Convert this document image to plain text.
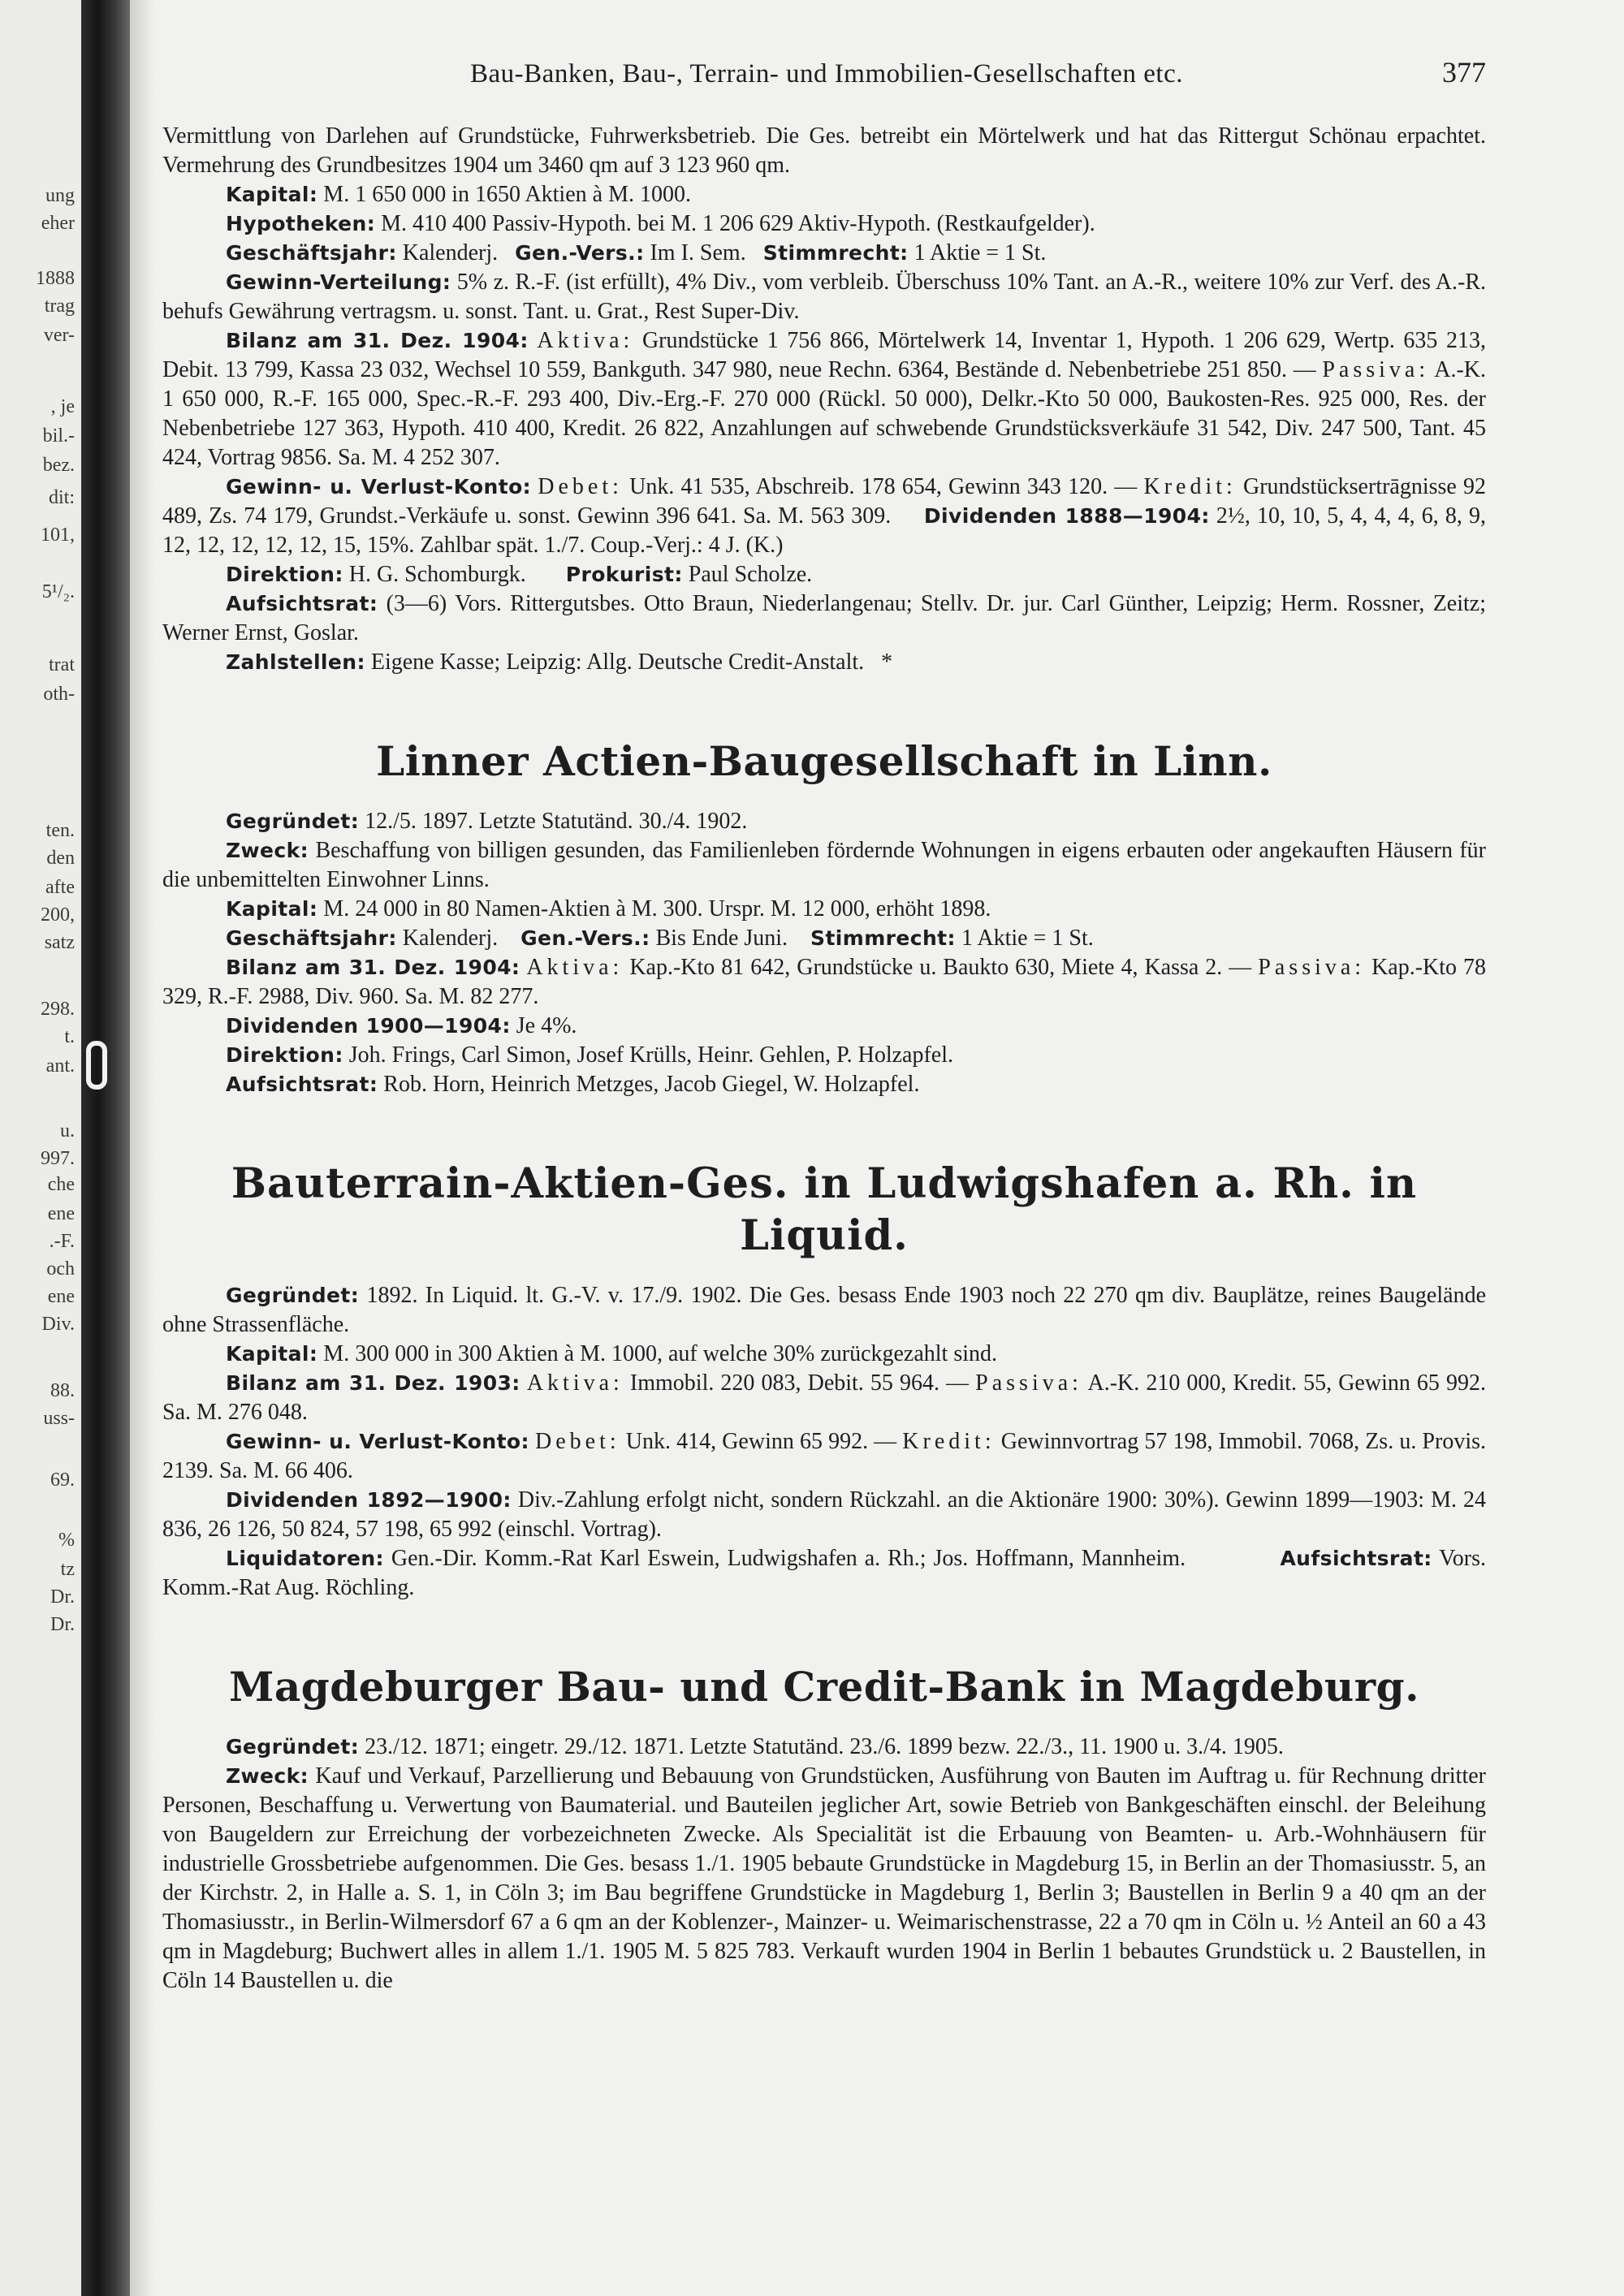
ung
eher
1888
trag
ver-
, je
bil.-
bez.
dit:
101,
5¹/₂.
trat
oth-
ten.
den
afte
200,
satz
298.
t.
ant.
u.
997.
che
ene
.-F.
och
ene
Div.
88.
uss-
69.
%
tz
Dr.
Dr.
Bau-Banken, Bau-, Terrain- und Immobilien-Gesellschaften etc.	377

Vermittlung von Darlehen auf Grundstücke, Fuhrwerksbetrieb. Die Ges. betreibt ein Mörtelwerk und hat das Rittergut Schönau erpachtet. Vermehrung des Grundbesitzes 1904 um 3460 qm auf 3 123 960 qm.

Kapital: M. 1 650 000 in 1650 Aktien à M. 1000.

Hypotheken: M. 410 400 Passiv-Hypoth. bei M. 1 206 629 Aktiv-Hypoth. (Restkaufgelder).

Geschäftsjahr: Kalenderj. Gen.-Vers.: Im I. Sem. Stimmrecht: 1 Aktie = 1 St.

Gewinn-Verteilung: 5% z. R.-F. (ist erfüllt), 4% Div., vom verbleib. Überschuss 10% Tant. an A.-R., weitere 10% zur Verf. des A.-R. behufs Gewährung vertragsm. u. sonst. Tant. u. Grat., Rest Super-Div.

Bilanz am 31. Dez. 1904: Aktiva: Grundstücke 1 756 866, Mörtelwerk 14, Inventar 1, Hypoth. 1 206 629, Wertp. 635 213, Debit. 13 799, Kassa 23 032, Wechsel 10 559, Bankguth. 347 980, neue Rechn. 6364, Bestände d. Nebenbetriebe 251 850. — Passiva: A.-K. 1 650 000, R.-F. 165 000, Spec.-R.-F. 293 400, Div.-Erg.-F. 270 000 (Rückl. 50 000), Delkr.-Kto 50 000, Baukosten-Res. 925 000, Res. der Nebenbetriebe 127 363, Hypoth. 410 400, Kredit. 26 822, Anzahlungen auf schwebende Grundstücksverkäufe 31 542, Div. 247 500, Tant. 45 424, Vortrag 9856. Sa. M. 4 252 307.

Gewinn- u. Verlust-Konto: Debet: Unk. 41 535, Abschreib. 178 654, Gewinn 343 120. — Kredit: Grundstücksertrāgnisse 92 489, Zs. 74 179, Grundst.-Verkäufe u. sonst. Gewinn 396 641. Sa. M. 563 309. Dividenden 1888—1904: 2½, 10, 10, 5, 4, 4, 4, 6, 8, 9, 12, 12, 12, 12, 12, 15, 15%. Zahlbar spät. 1./7. Coup.-Verj.: 4 J. (K.)

Direktion: H. G. Schomburgk. Prokurist: Paul Scholze.

Aufsichtsrat: (3—6) Vors. Rittergutsbes. Otto Braun, Niederlangenau; Stellv. Dr. jur. Carl Günther, Leipzig; Herm. Rossner, Zeitz; Werner Ernst, Goslar.

Zahlstellen: Eigene Kasse; Leipzig: Allg. Deutsche Credit-Anstalt. *

Linner Actien-Baugesellschaft in Linn.

Gegründet: 12./5. 1897. Letzte Statutänd. 30./4. 1902.

Zweck: Beschaffung von billigen gesunden, das Familienleben fördernde Wohnungen in eigens erbauten oder angekauften Häusern für die unbemittelten Einwohner Linns.

Kapital: M. 24 000 in 80 Namen-Aktien à M. 300. Urspr. M. 12 000, erhöht 1898.

Geschäftsjahr: Kalenderj. Gen.-Vers.: Bis Ende Juni. Stimmrecht: 1 Aktie = 1 St.

Bilanz am 31. Dez. 1904: Aktiva: Kap.-Kto 81 642, Grundstücke u. Baukto 630, Miete 4, Kassa 2. — Passiva: Kap.-Kto 78 329, R.-F. 2988, Div. 960. Sa. M. 82 277.

Dividenden 1900—1904: Je 4%.

Direktion: Joh. Frings, Carl Simon, Josef Krülls, Heinr. Gehlen, P. Holzapfel.

Aufsichtsrat: Rob. Horn, Heinrich Metzges, Jacob Giegel, W. Holzapfel.

Bauterrain-Aktien-Ges. in Ludwigshafen a. Rh. in Liquid.

Gegründet: 1892. In Liquid. lt. G.-V. v. 17./9. 1902. Die Ges. besass Ende 1903 noch 22 270 qm div. Bauplätze, reines Baugelände ohne Strassenfläche.

Kapital: M. 300 000 in 300 Aktien à M. 1000, auf welche 30% zurückgezahlt sind.

Bilanz am 31. Dez. 1903: Aktiva: Immobil. 220 083, Debit. 55 964. — Passiva: A.-K. 210 000, Kredit. 55, Gewinn 65 992. Sa. M. 276 048.

Gewinn- u. Verlust-Konto: Debet: Unk. 414, Gewinn 65 992. — Kredit: Gewinnvortrag 57 198, Immobil. 7068, Zs. u. Provis. 2139. Sa. M. 66 406.

Dividenden 1892—1900: Div.-Zahlung erfolgt nicht, sondern Rückzahl. an die Aktionäre 1900: 30%). Gewinn 1899—1903: M. 24 836, 26 126, 50 824, 57 198, 65 992 (einschl. Vortrag).

Liquidatoren: Gen.-Dir. Komm.-Rat Karl Eswein, Ludwigshafen a. Rh.; Jos. Hoffmann, Mannheim.	Aufsichtsrat: Vors. Komm.-Rat Aug. Röchling.

Magdeburger Bau- und Credit-Bank in Magdeburg.

Gegründet: 23./12. 1871; eingetr. 29./12. 1871. Letzte Statutänd. 23./6. 1899 bezw. 22./3., 11. 1900 u. 3./4. 1905.

Zweck: Kauf und Verkauf, Parzellierung und Bebauung von Grundstücken, Ausführung von Bauten im Auftrag u. für Rechnung dritter Personen, Beschaffung u. Verwertung von Baumaterial. und Bauteilen jeglicher Art, sowie Betrieb von Bankgeschäften einschl. der Beleihung von Baugeldern zur Erreichung der vorbezeichneten Zwecke. Als Specialität ist die Erbauung von Beamten- u. Arb.-Wohnhäusern für industrielle Grossbetriebe aufgenommen. Die Ges. besass 1./1. 1905 bebaute Grundstücke in Magdeburg 15, in Berlin an der Thomasiusstr. 5, an der Kirchstr. 2, in Halle a. S. 1, in Cöln 3; im Bau begriffene Grundstücke in Magdeburg 1, Berlin 3; Baustellen in Berlin 9 a 40 qm an der Thomasiusstr., in Berlin-Wilmersdorf 67 a 6 qm an der Koblenzer-, Mainzer- u. Weimarischenstrasse, 22 a 70 qm in Cöln u. ½ Anteil an 60 a 43 qm in Magdeburg; Buchwert alles in allem 1./1. 1905 M. 5 825 783. Verkauft wurden 1904 in Berlin 1 bebautes Grundstück u. 2 Baustellen, in Cöln 14 Baustellen u. die
